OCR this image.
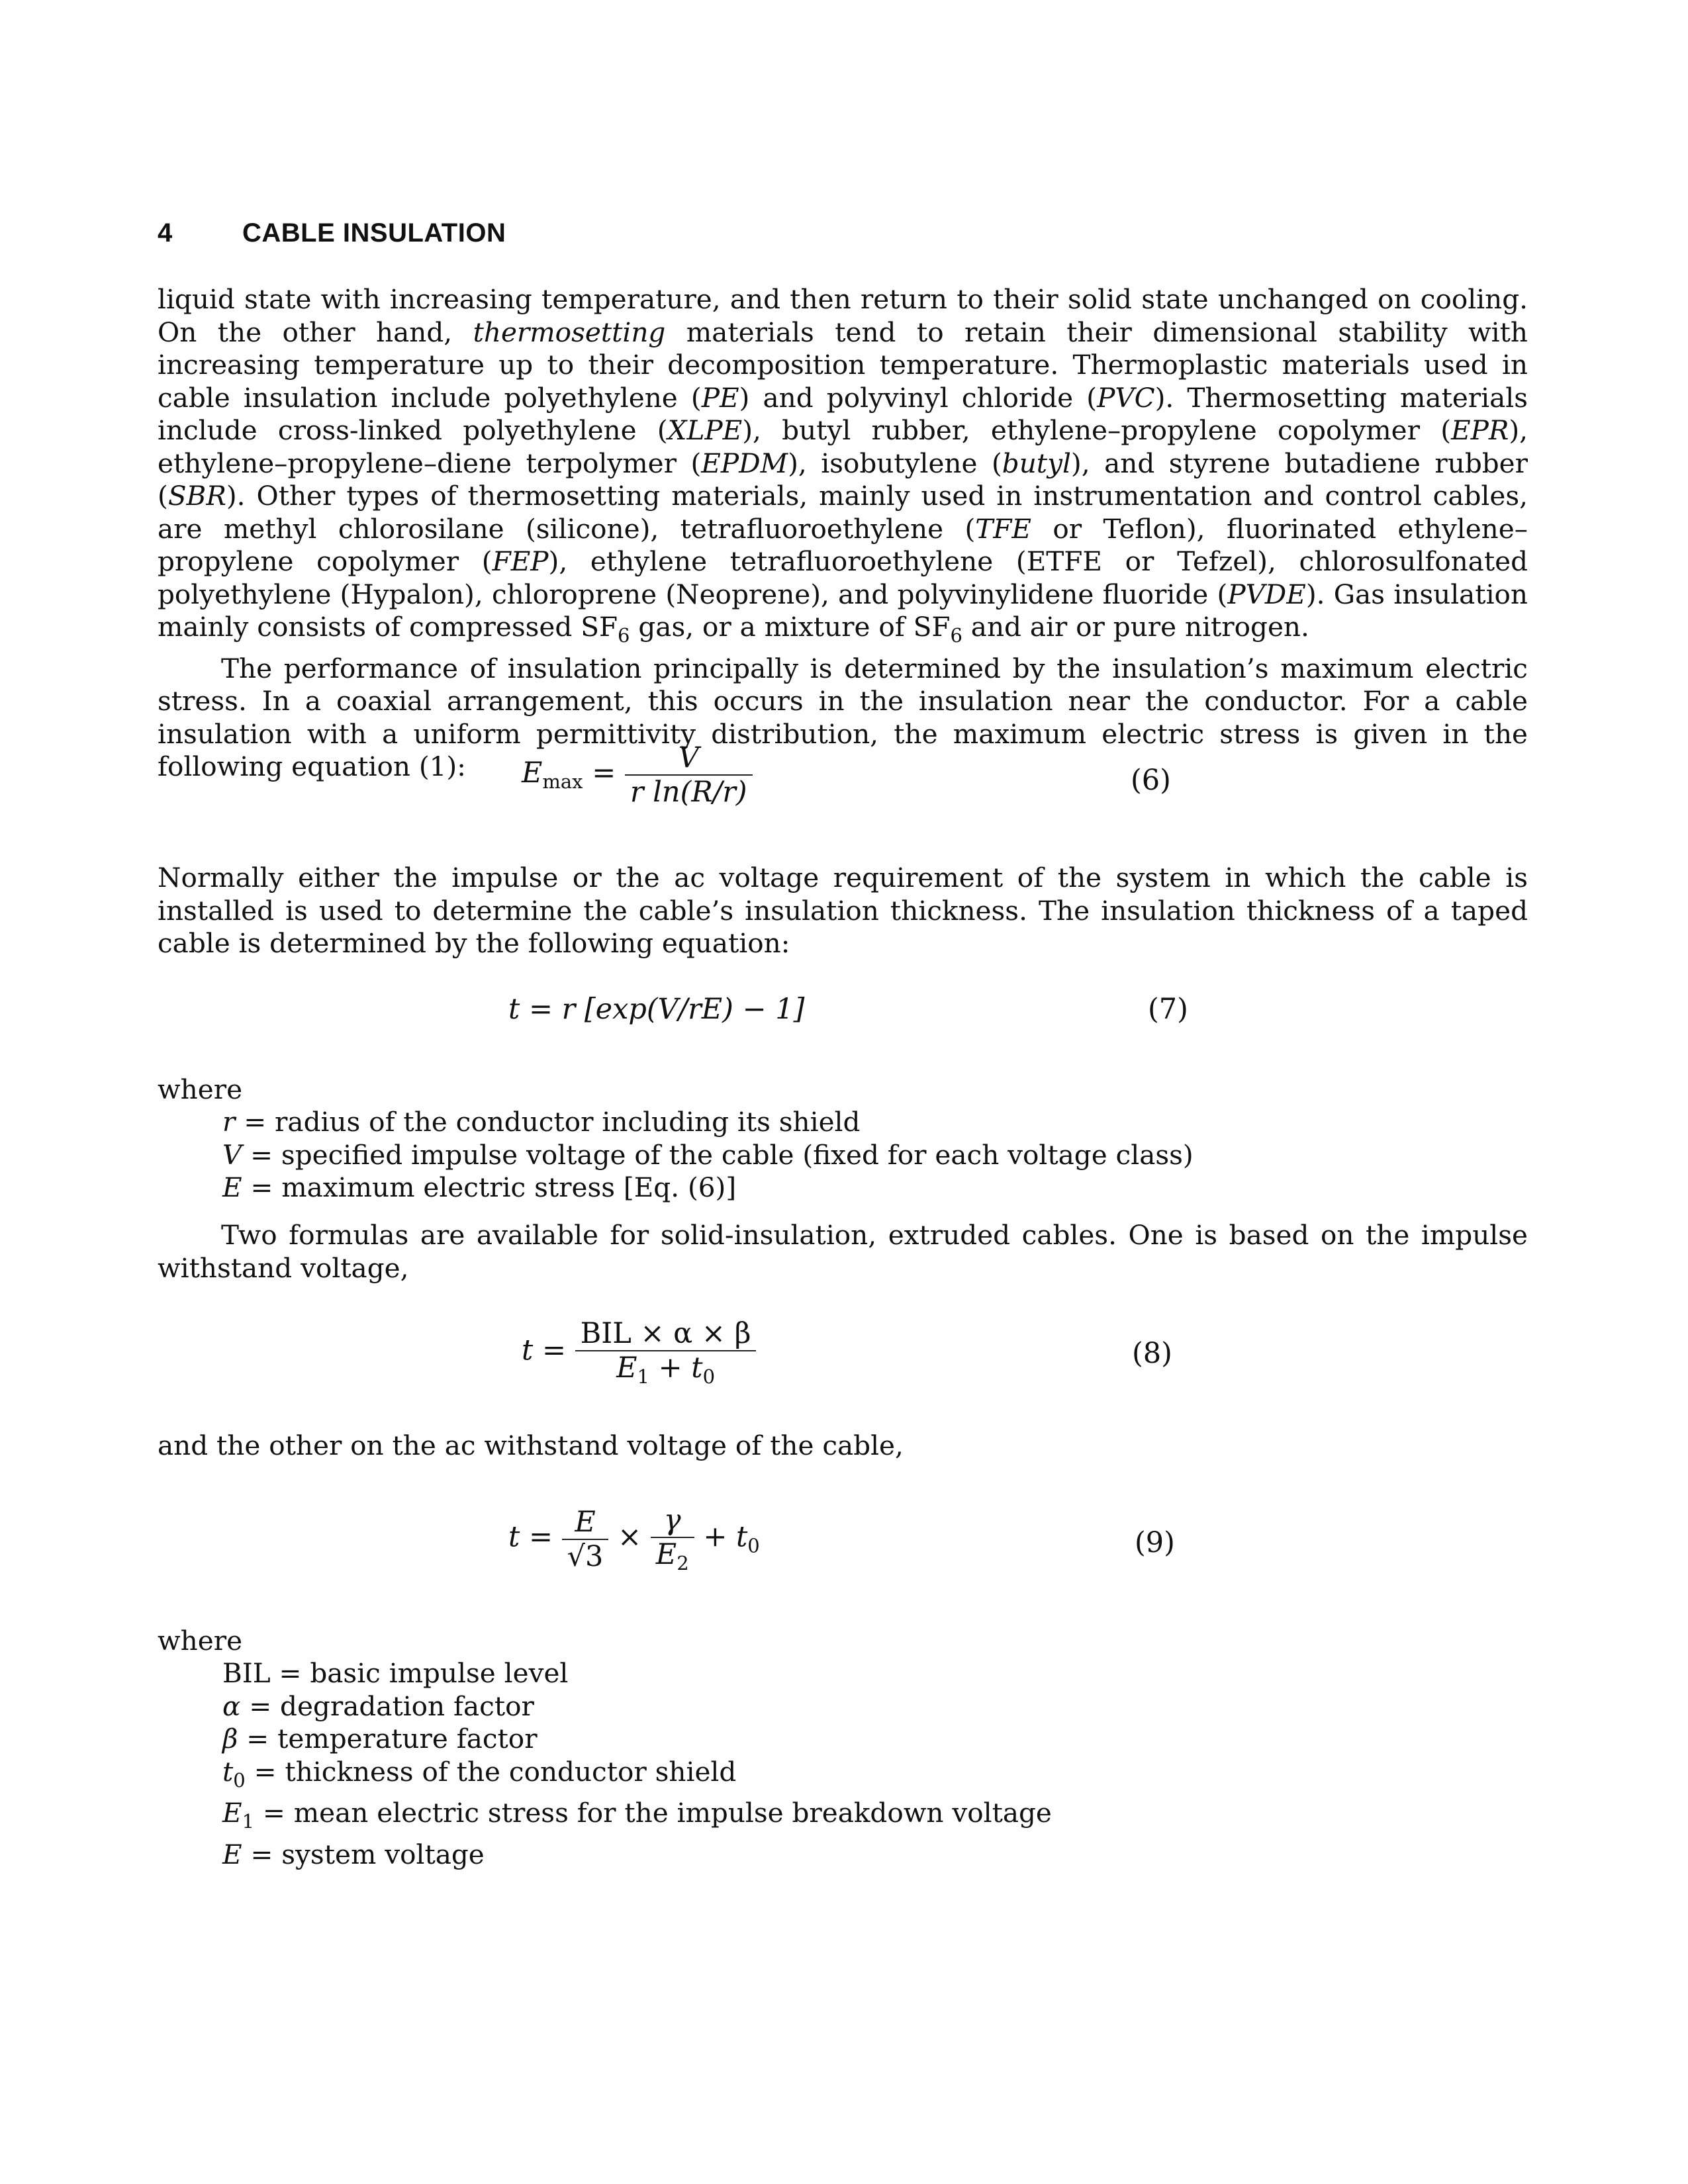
4	CABLE INSULATION

liquid state with increasing temperature, and then return to their solid state unchanged on cooling. On the other hand, thermosetting materials tend to retain their dimensional stability with increasing temperature up to their decomposition temperature. Thermoplastic materials used in cable insulation include polyethylene (PE) and polyvinyl chloride (PVC). Thermosetting materials include cross-linked polyethylene (XLPE), butyl rubber, ethylene–propylene copolymer (EPR), ethylene–propylene–diene terpolymer (EPDM), isobutylene (butyl), and styrene butadiene rubber (SBR). Other types of thermosetting materials, mainly used in instrumentation and control cables, are methyl chlorosilane (silicone), tetrafluoroethylene (TFE or Teflon), fluorinated ethylene–propylene copolymer (FEP), ethylene tetrafluoroethylene (ETFE or Tefzel), chlorosulfonated polyethylene (Hypalon), chloroprene (Neoprene), and polyvinylidene fluoride (PVDE). Gas insulation mainly consists of compressed $SF_6$ gas, or a mixture of $SF_6$ and air or pure nitrogen.

The performance of insulation principally is determined by the insulation’s maximum electric stress. In a coaxial arrangement, this occurs in the insulation near the conductor. For a cable insulation with a uniform permittivity distribution, the maximum electric stress is given in the following equation (1):	$E_{max} = \frac{V}{\text{r ln(R/r)}}$	(6)
Normally either the impulse or the ac voltage requirement of the system in which the cable is installed is used to determine the cable’s insulation thickness. The insulation thickness of a taped cable is determined by the following equation:
t = r [exp(V/rE) − 1]	(7)
where
r = radius of the conductor including its shield
V = specified impulse voltage of the cable (fixed for each voltage class)
E = maximum electric stress [Eq. (6)]
Two formulas are available for solid-insulation, extruded cables. One is based on the impulse withstand voltage,
$t = \frac{\text{BIL × α × β}}{E_1 + t_0}$	(8)
and the other on the ac withstand voltage of the cable,
$t = \frac{E}{√3} \times \frac{\gamma}{E_2} + t_0$	(9)
where
BIL = basic impulse level
α = degradation factor
β = temperature factor
$t_0$ = thickness of the conductor shield
$E_1$ = mean electric stress for the impulse breakdown voltage
E = system voltage
